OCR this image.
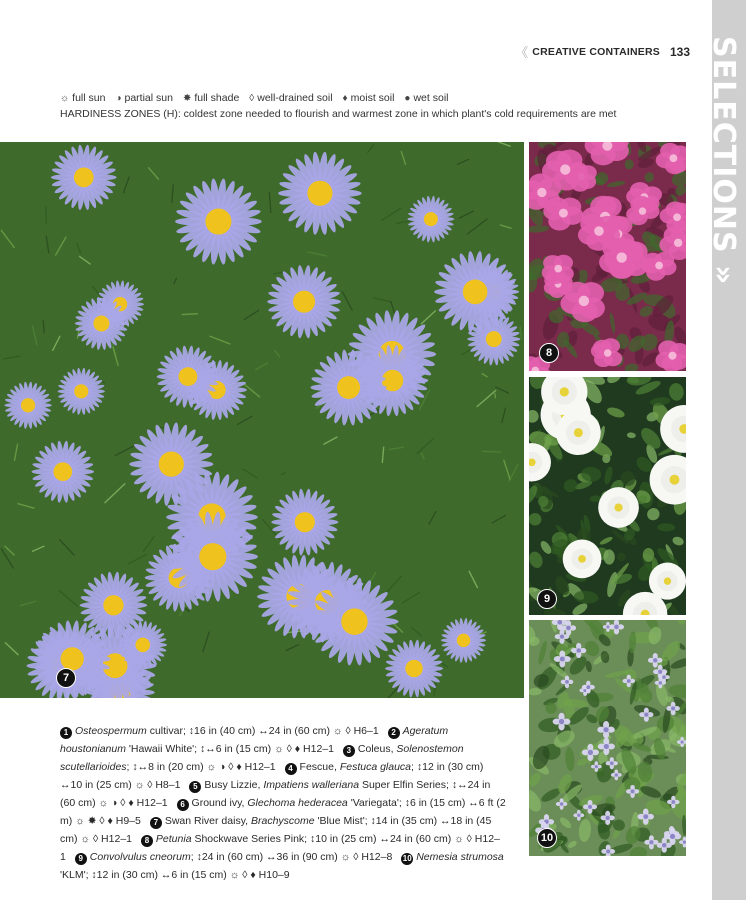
SELECTIONS »
《 CREATIVE CONTAINERS 133
☼ full sun ◑ partial sun ✸ full shade ◊ well-drained soil ♦ moist soil ● wet soil
HARDINESS ZONES (H): coldest zone needed to flourish and warmest zone in which plant's cold requirements are met
7
8
9
10
1 Osteospermum cultivar; ↕16 in (40 cm) ↔24 in (60 cm) ☼ ◊ H6–1 2 Ageratum houstonianum 'Hawaii White'; ↕↔6 in (15 cm) ☼ ◊ ♦ H12–1 3 Coleus, Solenostemon scutellarioides; ↕↔8 in (20 cm) ☼ ◑ ◊ ♦ H12–1 4 Fescue, Festuca glauca; ↕12 in (30 cm) ↔10 in (25 cm) ☼ ◊ H8–1 5 Busy Lizzie, Impatiens walleriana Super Elfin Series; ↕↔24 in (60 cm) ☼ ◑ ◊ ♦ H12–1 6 Ground ivy, Glechoma hederacea 'Variegata'; ↕6 in (15 cm) ↔6 ft (2 m) ☼ ✸ ◊ ♦ H9–5 7 Swan River daisy, Brachyscome 'Blue Mist'; ↕14 in (35 cm) ↔18 in (45 cm) ☼ ◊ H12–1 8 Petunia Shockwave Series Pink; ↕10 in (25 cm) ↔24 in (60 cm) ☼ ◊ H12–1 9 Convolvulus cneorum; ↕24 in (60 cm) ↔36 in (90 cm) ☼ ◊ H12–8 10 Nemesia strumosa 'KLM'; ↕12 in (30 cm) ↔6 in (15 cm) ☼ ◊ ♦ H10–9
